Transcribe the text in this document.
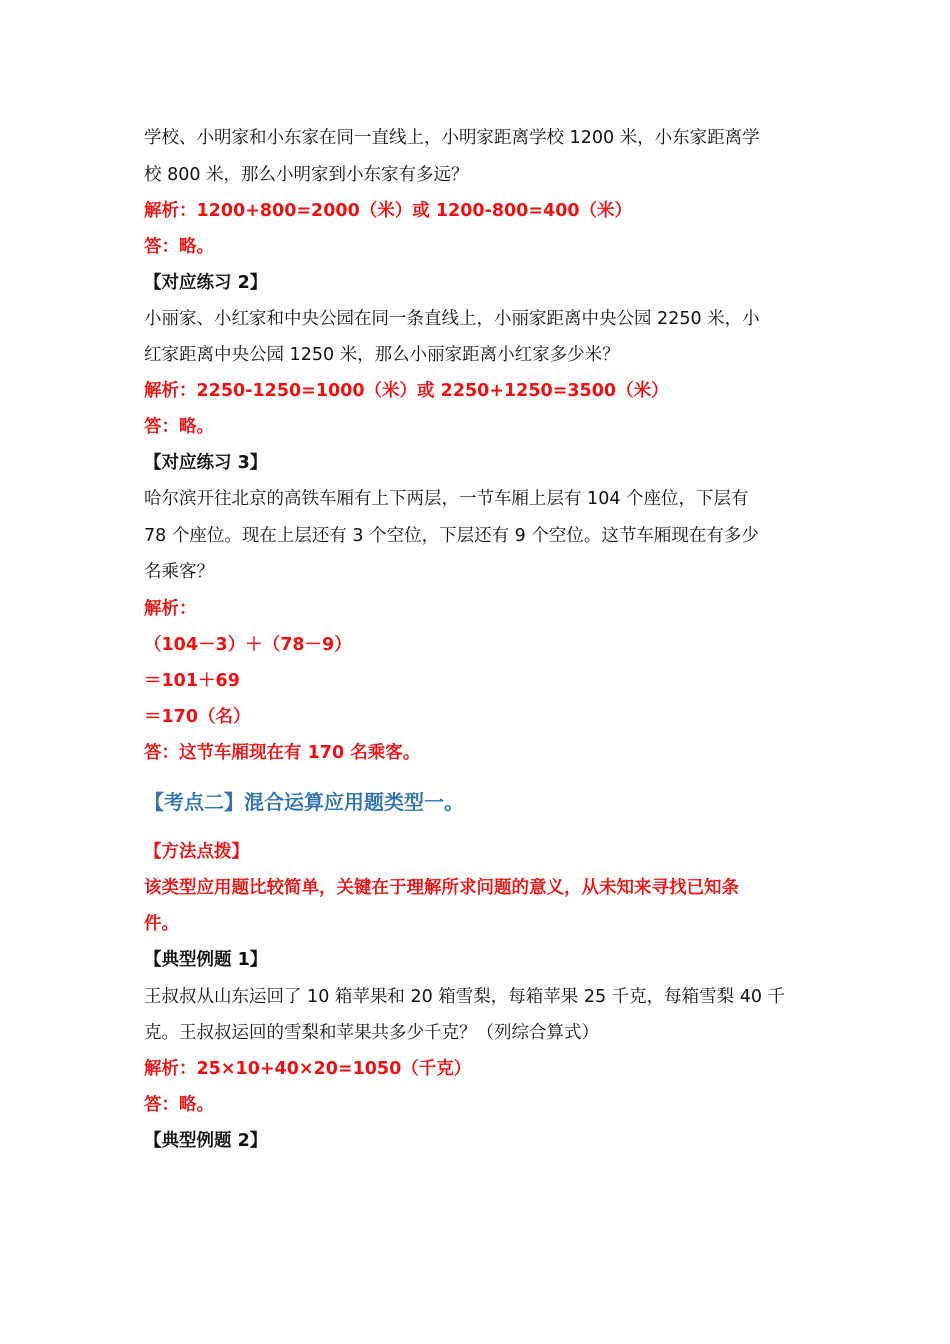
学校、小明家和小东家在同一直线上，小明家距离学校 1200 米，小东家距离学

校 800 米，那么小明家到小东家有多远？

解析：1200+800=2000（米）或 1200-800=400（米）

答：略。

【对应练习 2】

小丽家、小红家和中央公园在同一条直线上，小丽家距离中央公园 2250 米，小

红家距离中央公园 1250 米，那么小丽家距离小红家多少米？

解析：2250-1250=1000（米）或 2250+1250=3500（米）

答：略。

【对应练习 3】

哈尔滨开往北京的高铁车厢有上下两层，一节车厢上层有 104 个座位，下层有

78 个座位。现在上层还有 3 个空位，下层还有 9 个空位。这节车厢现在有多少

名乘客？

解析：

（104－3）＋（78－9）

＝101＋69

＝170（名）

答：这节车厢现在有 170 名乘客。

【考点二】混合运算应用题类型一。

【方法点拨】

该类型应用题比较简单，关键在于理解所求问题的意义，从未知来寻找已知条

件。

【典型例题 1】

王叔叔从山东运回了 10 箱苹果和 20 箱雪梨，每箱苹果 25 千克，每箱雪梨 40 千

克。王叔叔运回的雪梨和苹果共多少千克？（列综合算式）

解析：25×10+40×20=1050（千克）

答：略。

【典型例题 2】
